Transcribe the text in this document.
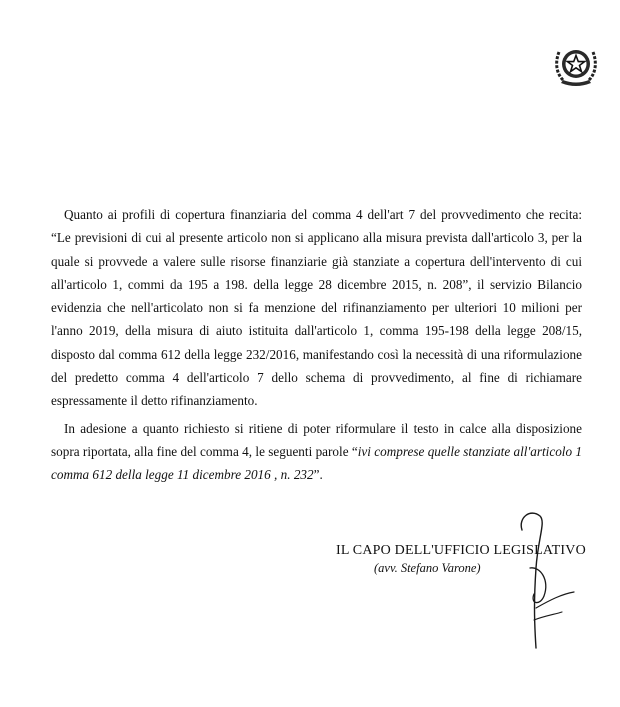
Quanto ai profili di copertura finanziaria del comma 4 dell'art 7 del provvedimento che recita: “Le previsioni di cui al presente articolo non si applicano alla misura prevista dall'articolo 3, per la quale si provvede a valere sulle risorse finanziarie già stanziate a copertura dell'intervento di cui all'articolo 1, commi da 195 a 198. della legge 28 dicembre 2015, n. 208”, il servizio Bilancio evidenzia che nell'articolato non si fa menzione del rifinanziamento per ulteriori 10 milioni per l'anno 2019, della misura di aiuto istituita dall'articolo 1, comma 195-198 della legge 208/15, disposto dal comma 612 della legge 232/2016, manifestando così la necessità di una riformulazione del predetto comma 4 dell'articolo 7 dello schema di provvedimento, al fine di richiamare espressamente il detto rifinanziamento.

In adesione a quanto richiesto si ritiene di poter riformulare il testo in calce alla disposizione sopra riportata, alla fine del comma 4, le seguenti parole “ivi comprese quelle stanziate all'articolo 1 comma 612 della legge 11 dicembre 2016 , n. 232”.

IL CAPO DELL'UFFICIO LEGISLATIVO
(avv. Stefano Varone)
